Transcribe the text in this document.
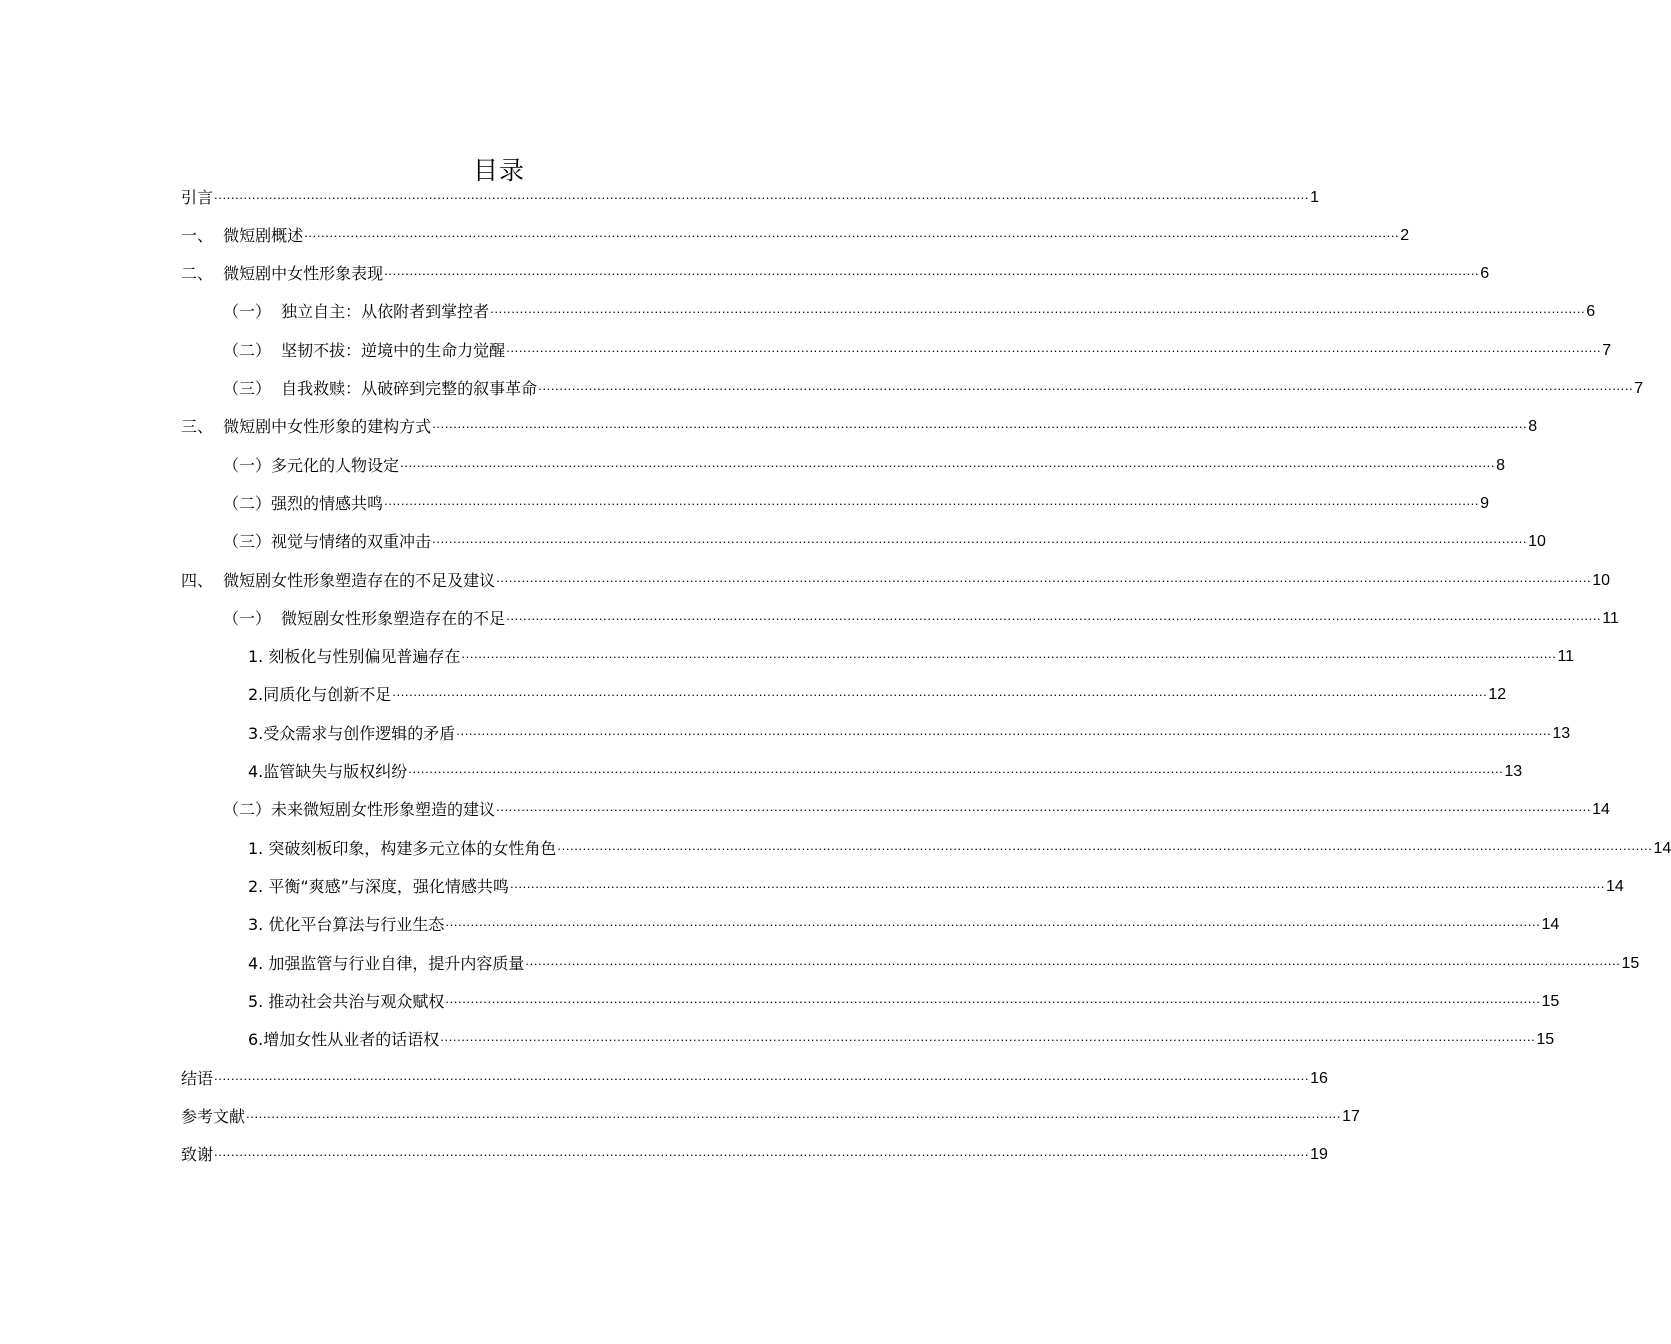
目录
引言 .................................................................................................................................................................................................................................................................... 1
一、  微短剧概述 .................................................................................................................................................................................................................................................................... 2
二、  微短剧中女性形象表现 .................................................................................................................................................................................................................................................................... 6
（一）  独立自主：从依附者到掌控者 .................................................................................................................................................................................................................................................................... 6
（二）  坚韧不拔：逆境中的生命力觉醒 .................................................................................................................................................................................................................................................................... 7
（三）  自我救赎：从破碎到完整的叙事革命 .................................................................................................................................................................................................................................................................... 7
三、  微短剧中女性形象的建构方式 .................................................................................................................................................................................................................................................................... 8
（一）多元化的人物设定 .................................................................................................................................................................................................................................................................... 8
（二）强烈的情感共鸣 .................................................................................................................................................................................................................................................................... 9
（三）视觉与情绪的双重冲击 .................................................................................................................................................................................................................................................................... 10
四、  微短剧女性形象塑造存在的不足及建议 .................................................................................................................................................................................................................................................................... 10
（一）  微短剧女性形象塑造存在的不足 .................................................................................................................................................................................................................................................................... 11
1. 刻板化与性别偏见普遍存在 .................................................................................................................................................................................................................................................................... 11
2.同质化与创新不足 .................................................................................................................................................................................................................................................................... 12
3.受众需求与创作逻辑的矛盾 .................................................................................................................................................................................................................................................................... 13
4.监管缺失与版权纠纷 .................................................................................................................................................................................................................................................................... 13
（二）未来微短剧女性形象塑造的建议 .................................................................................................................................................................................................................................................................... 14
1. 突破刻板印象，构建多元立体的女性角色 .................................................................................................................................................................................................................................................................... 14
2. 平衡“爽感”与深度，强化情感共鸣 .................................................................................................................................................................................................................................................................... 14
3. 优化平台算法与行业生态 .................................................................................................................................................................................................................................................................... 14
4. 加强监管与行业自律，提升内容质量 .................................................................................................................................................................................................................................................................... 15
5. 推动社会共治与观众赋权 .................................................................................................................................................................................................................................................................... 15
6.增加女性从业者的话语权 .................................................................................................................................................................................................................................................................... 15
结语 .................................................................................................................................................................................................................................................................... 16
参考文献 .................................................................................................................................................................................................................................................................... 17
致谢 .................................................................................................................................................................................................................................................................... 19
